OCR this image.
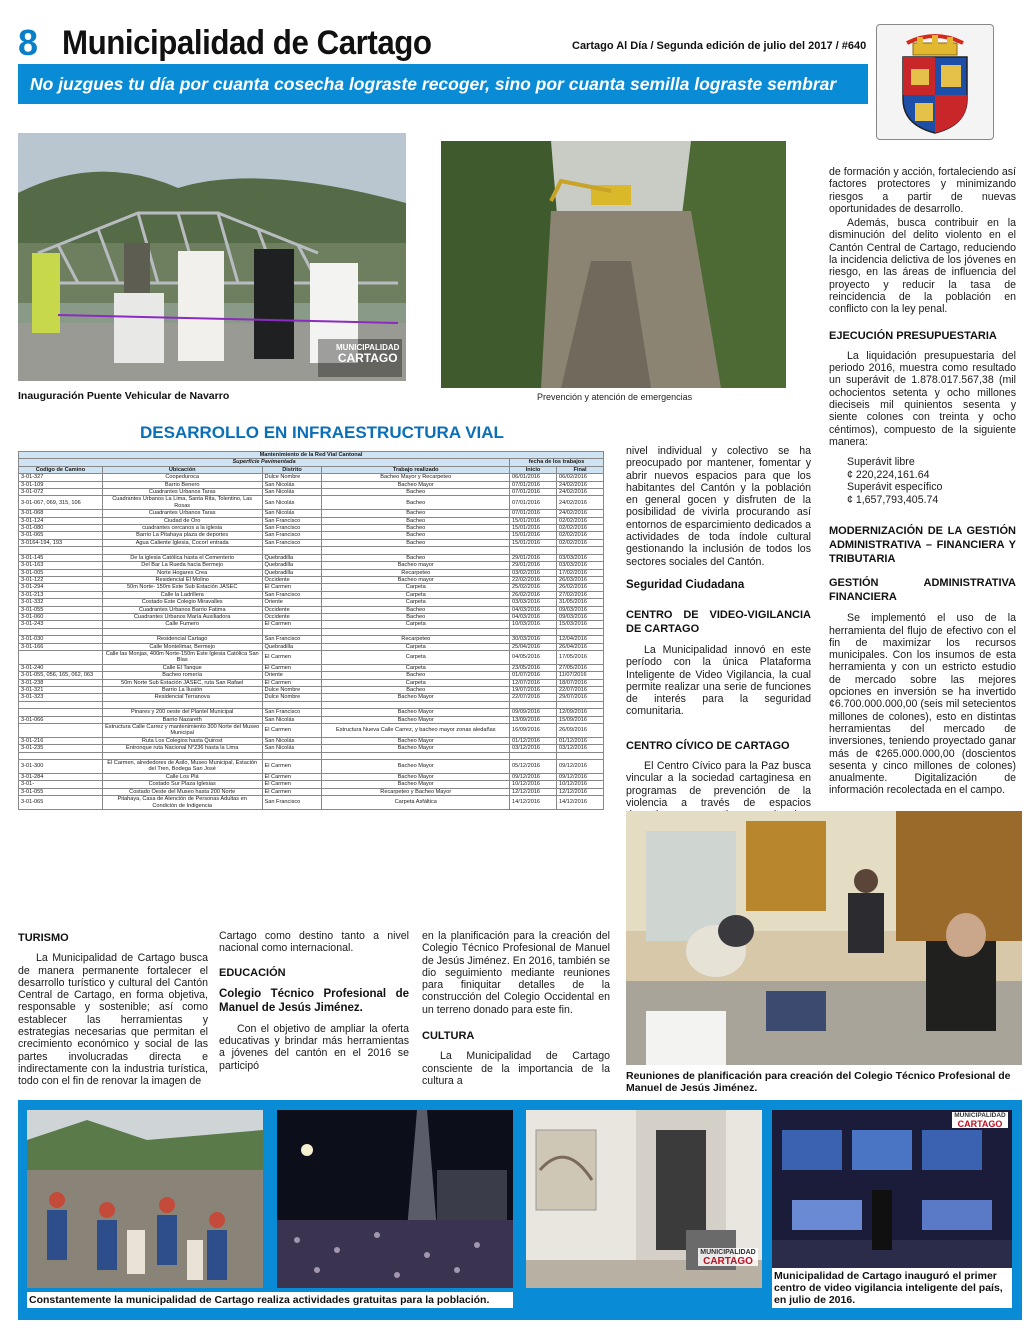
8 Municipalidad de Cartago	Cartago Al Día / Segunda edición de julio del 2017 / #640
No juzgues tu día por cuanta cosecha lograste recoger, sino por cuanta semilla lograste sembrar
MUNICIPALIDAD
CARTAGO
Inauguración Puente Vehicular de Navarro	Prevención y atención de emergencias

de formación y acción, fortaleciendo así factores protectores y minimizando riesgos a partir de nuevas oportunidades de desarrollo.

Además, busca contribuir en la disminución del delito violento en el Cantón Central de Cartago, reduciendo la incidencia delictiva de los jóvenes en riesgo, en las áreas de influencia del proyecto y reducir la tasa de reincidencia de la población en conflicto con la ley penal.

EJECUCIÓN PRESUPUESTARIA

La liquidación presupuestaria del periodo 2016, muestra como resultado un superávit de 1.878.017.567,38 (mil ochocientos setenta y ocho millones dieciseis mil quinientos sesenta y siente colones con treinta y ocho céntimos), compuesto de la siguiente manera:

Superávit libre
¢ 220,224,161.64
Superávit específico
¢ 1,657,793,405.74
MODERNIZACIÓN DE LA GESTIÓN ADMINISTRATIVA – FINANCIERA Y TRIBUTARIA
GESTIÓN ADMINISTRATIVA FINANCIERA

Se implementó el uso de la herramienta del flujo de efectivo con el fin de maximizar los recursos municipales. Con los insumos de esta herramienta y con un estricto estudio de mercado sobre las mejores opciones en inversión se ha invertido ¢6.700.000.000,00 (seis mil setecientos millones de colones), esto en distintas herramientas del mercado de inversiones, teniendo proyectado ganar más de ¢265.000.000,00 (doscientos sesenta y cinco millones de colones) anualmente. Digitalización de información recolectada en el campo.

DESARROLLO EN INFRAESTRUCTURA VIAL
Mantenimiento de la Red Vial Cantonal					
Superficie Pavimentada				fecha de los trabajos	
Codigo de Camino	Ubicación	Distrito	Trabajo realizado	Inicio	Final
3-01-327	Coopeduroca	Dulce Nombre	Bacheo Mayor y Recarpeteo	06/01/2016	06/02/2016
3-01-109	Barrio Benero	San Nicolás	Bacheo Mayor	07/01/2016	24/02/2016
3-01-072	Cuadrantes Urbanos Taras	San Nicolás	Bacheo	07/01/2016	24/02/2016
3-01-067, 069, 315, 106	Cuadrantes Urbanos La Lima, Santa Rita, Tolentino, Las Rosas	San Nicolás	Bacheo	07/01/2016	24/02/2016
3-01-068	Cuadrantes Urbanos Taras	San Nicolás	Bacheo	07/01/2016	24/02/2016
3-01-124	Ciudad de Oro	San Francisco	Bacheo	15/01/2016	02/02/2016
3-01-080	cuadrantes cercanos a la iglesia	San Francisco	Bacheo	15/01/2016	02/02/2016
3-01-065	Barrio La Pitahaya plaza de deportes	San Francisco	Bacheo	15/01/2016	02/02/2016
3-0164-194, 193	Agua Caliente Iglesia, Cocorí entrada	San Francisco	Bacheo	15/01/2016	02/02/2016

3-01-145	De la iglesia Católica hasta el Cementerio	Quebradilla	Bacheo	29/01/2016	03/03/2016
3-01-163	Del Bar La Rueda hacia Bermejo	Quebradilla	Bacheo mayor	29/01/2016	03/03/2016
3-01-005	Norte Hogares Crea	Quebradilla	Recarpeteo	03/02/2016	17/02/2016
3-01-122	Residencial El Molino	Occidente	Bacheo mayor	22/02/2016	26/03/2016
3-01-294	50m Norte- 150m Este Sub Estación JASEC	El Carmen	Carpeta	25/02/2016	26/02/2016
3-01-213	Calle la Ladrillera	San Francisco	Carpeta	26/02/2016	27/02/2016
3-01-332	Costado Este Colegio Miravalles	Oriente	Carpeta	03/03/2016	31/05/2016
3-01-055	Cuadrantes Urbanos Barrio Fatima	Occidente	Bacheo	04/03/2016	09/03/2016
3-01-060	Cuadrantes Urbanos María Auxiliadora	Occidente	Bacheo	04/03/2016	09/03/2016
3-01-243	Calle Fumero	El Carmen	Carpeta	10/03/2016	15/03/2016

3-01-030	Residencial Cartago	San Francisco	Recarpeteo	30/03/2016	12/04/2016
3-01-166	Calle Montelimar, Bermejo	Quebradilla	Carpeta	25/04/2016	26/04/2016
	Calle las Monjas, 400m Norte-150m Este Iglesia Católica San Blas	El Carmen	Carpeta	04/05/2016	17/05/2016
3-01-240	Calle El Tanque	El Carmen	Carpeta	23/05/2016	27/05/2016
3-01-055, 056, 165, 062, 063	Bacheo romería	Oriente	Bacheo	01/07/2016	11/07/2016
3-01-238	50m Norte Sub Estación JASEC, ruta San Rafael	El Carmen	Carpeta	12/07/2016	18/07/2016
3-01-321	Barrio La Ilusión	Dulce Nombre	Bacheo	19/07/2016	22/07/2016
3-01-323	Residencial Terranova	Dulce Nombre	Bacheo Mayor	22/07/2016	29/07/2016

	Pinares y 200 oeste del Plantel Municipal	San Francisco	Bacheo Mayor	09/09/2016	12/09/2016
3-01-066	Barrio Nazareth	San Nicolás	Bacheo Mayor	13/09/2016	15/09/2016
	Estructura Calle Carrez y mantenimiento 300 Norte del Museo Municipal	El Carmen	Estructura Nueva Calle Carrez, y bacheo mayor zonas aledañas	16/09/2016	26/09/2016
3-01-216	Ruta Los Colegios hasta Quirost	San Nicolás	Bacheo Mayor	01/12/2016	01/12/2016
3-01-235	Entronque ruta Nacional N°236 hasta la Lima	San Nicolás	Bacheo Mayor	03/12/2016	03/12/2016

3-01-300	El Carmen, alrededores de Asilo, Museo Municipal, Estación del Tren, Bodega San José	El Carmen	Bacheo Mayor	05/12/2016	09/12/2016
3-01-284	Calle Los Plá	El Carmen	Bacheo Mayor	09/12/2016	09/12/2016
3-01-	Costado Sur Plaza Iglesias	El Carmen	Bacheo Mayor	10/12/2016	10/12/2016
3-01-055	Costado Oeste del Museo hasta 200 Norte	El Carmen	Recarpeteo y Bacheo Mayor	12/12/2016	12/12/2016
3-01-065	Pitahaya, Casa de Atención de Personas Adultas en Condición de Indigencia	San Francisco	Carpeta Asfáltica	14/12/2016	14/12/2016

nivel individual y colectivo se ha preocupado por mantener, fomentar y abrir nuevos espacios para que los habitantes del Cantón y la población en general gocen y disfruten de la posibilidad de vivirla procurando así entornos de esparcimiento dedicados a actividades de toda índole cultural gestionando la inclusión de todos los sectores sociales del Cantón.

Seguridad Ciudadana
CENTRO DE VIDEO-VIGILANCIA DE CARTAGO

La Municipalidad innovó en este período con la única Plataforma Inteligente de Video Vigilancia, la cual permite realizar una serie de funciones de interés para la seguridad comunitaria.

CENTRO CÍVICO DE CARTAGO

El Centro Cívico para la Paz busca vincular a la sociedad cartaginesa en programas de prevención de la violencia a través de espacios

Reuniones de planificación para creación del Colegio Técnico Profesional de Manuel de Jesús Jiménez.
TURISMO

La Municipalidad de Cartago busca de manera permanente fortalecer el desarrollo turístico y cultural del Cantón Central de Cartago, en forma objetiva, responsable y sostenible; así como establecer las herramientas y estrategias necesarias que permitan el crecimiento económico y social de las partes involucradas directa e indirectamente con la industria turística, todo con el fin de renovar la imagen de

Cartago como destino tanto a nivel nacional como internacional.

EDUCACIÓN
Colegio Técnico Profesional de Manuel de Jesús Jiménez.

Con el objetivo de ampliar la oferta educativas y brindar más herramientas a jóvenes del cantón en el 2016 se participó

en la planificación para la creación del Colegio Técnico Profesional de Manuel de Jesús Jiménez. En 2016, también se dio seguimiento mediante reuniones para finiquitar detalles de la construcción del Colegio Occidental en un terreno donado para este fin.

CULTURA

La Municipalidad de Cartago consciente de la importancia de la cultura a

MUNICIPALIDAD
CARTAGO
MUNICIPALIDAD
CARTAGO
Constantemente la municipalidad de Cartago realiza actividades gratuitas para la población.
Municipalidad de Cartago inauguró el primer centro de video vigilancia inteligente del país, en julio de 2016.
